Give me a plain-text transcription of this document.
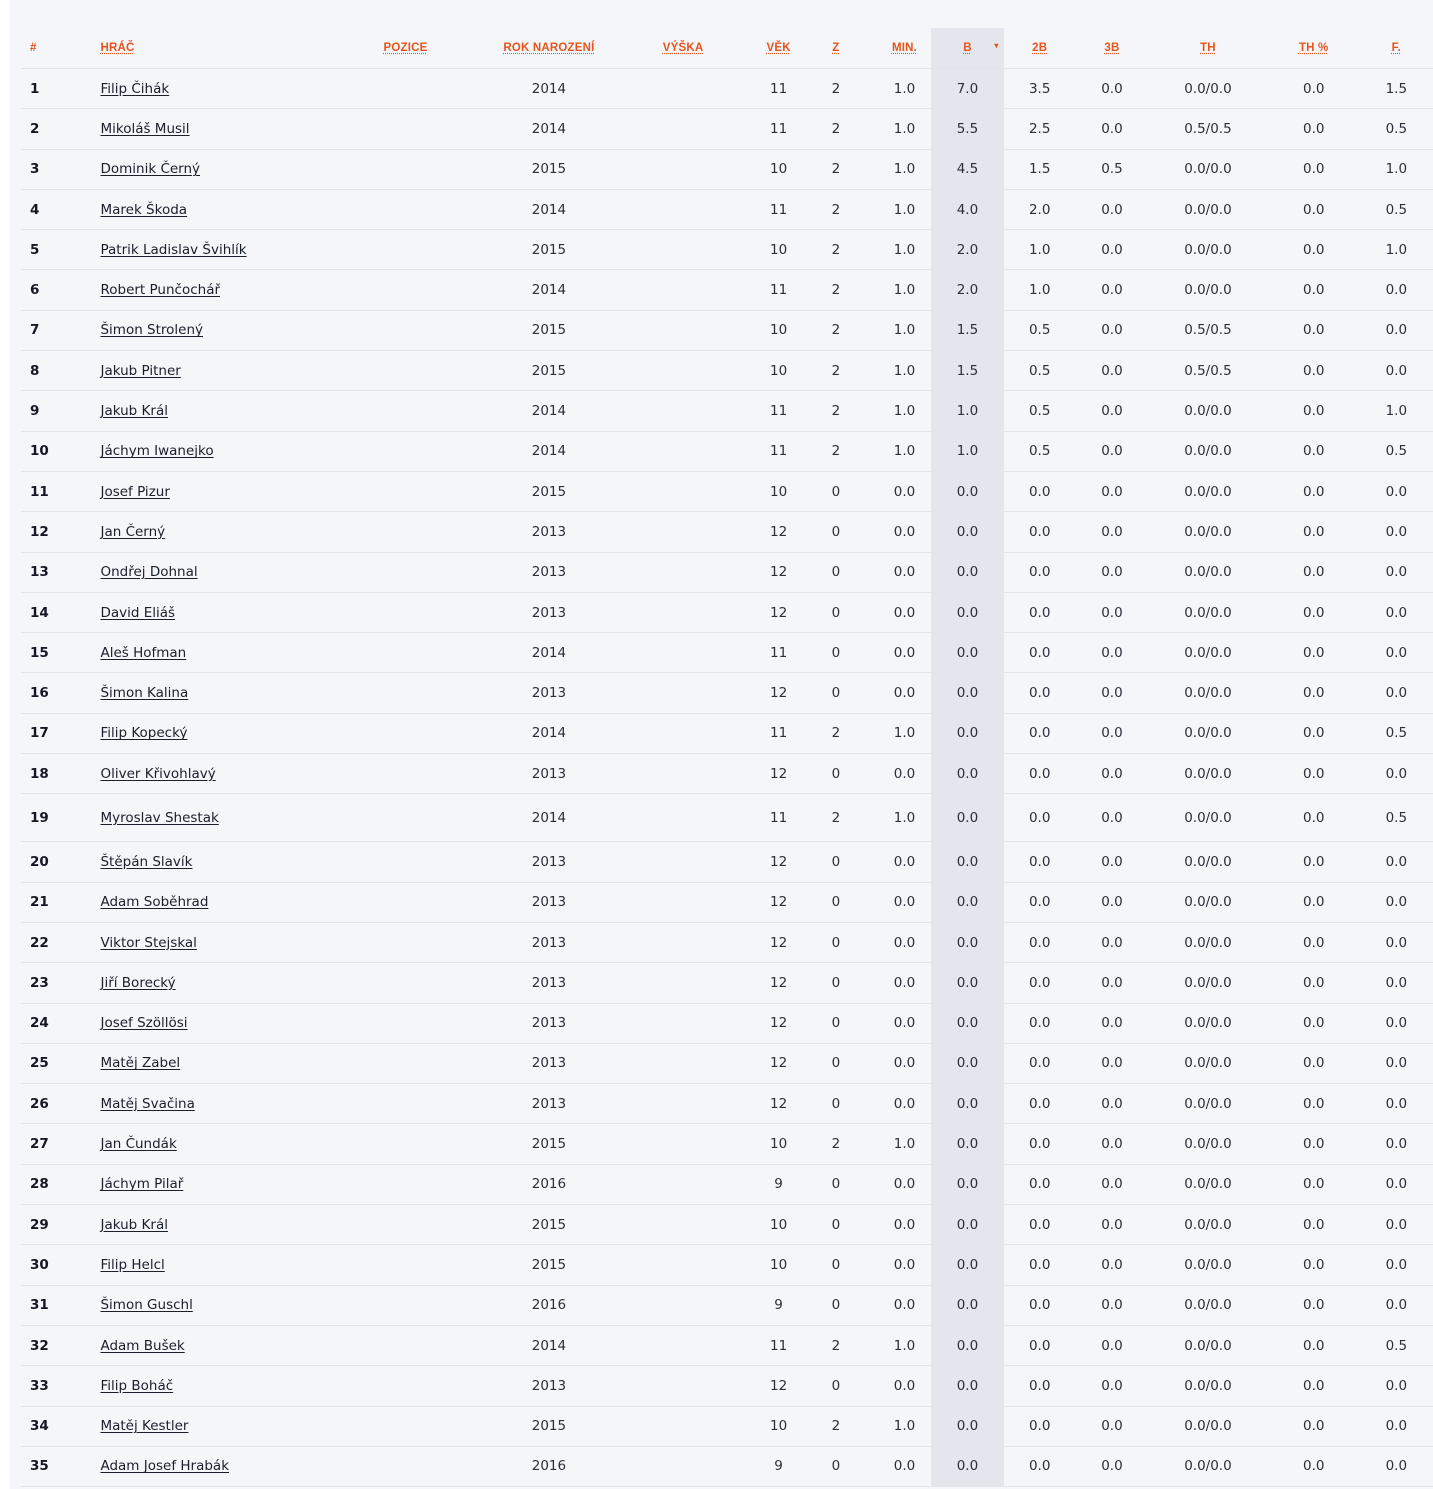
#	HRÁČ	POZICE	ROK NAROZENÍ	VÝŠKA	VĚK	Z	MIN.	B ▾	2B	3B	TH	TH %	F.
1	Filip Čihák		2014		11	2	1.0	7.0	3.5	0.0	0.0/0.0	0.0	1.5
2	Mikoláš Musil		2014		11	2	1.0	5.5	2.5	0.0	0.5/0.5	0.0	0.5
3	Dominik Černý		2015		10	2	1.0	4.5	1.5	0.5	0.0/0.0	0.0	1.0
4	Marek Škoda		2014		11	2	1.0	4.0	2.0	0.0	0.0/0.0	0.0	0.5
5	Patrik Ladislav Švihlík		2015		10	2	1.0	2.0	1.0	0.0	0.0/0.0	0.0	1.0
6	Robert Punčochář		2014		11	2	1.0	2.0	1.0	0.0	0.0/0.0	0.0	0.0
7	Šimon Strolený		2015		10	2	1.0	1.5	0.5	0.0	0.5/0.5	0.0	0.0
8	Jakub Pitner		2015		10	2	1.0	1.5	0.5	0.0	0.5/0.5	0.0	0.0
9	Jakub Král		2014		11	2	1.0	1.0	0.5	0.0	0.0/0.0	0.0	1.0
10	Jáchym Iwanejko		2014		11	2	1.0	1.0	0.5	0.0	0.0/0.0	0.0	0.5
11	Josef Pizur		2015		10	0	0.0	0.0	0.0	0.0	0.0/0.0	0.0	0.0
12	Jan Černý		2013		12	0	0.0	0.0	0.0	0.0	0.0/0.0	0.0	0.0
13	Ondřej Dohnal		2013		12	0	0.0	0.0	0.0	0.0	0.0/0.0	0.0	0.0
14	David Eliáš		2013		12	0	0.0	0.0	0.0	0.0	0.0/0.0	0.0	0.0
15	Aleš Hofman		2014		11	0	0.0	0.0	0.0	0.0	0.0/0.0	0.0	0.0
16	Šimon Kalina		2013		12	0	0.0	0.0	0.0	0.0	0.0/0.0	0.0	0.0
17	Filip Kopecký		2014		11	2	1.0	0.0	0.0	0.0	0.0/0.0	0.0	0.5
18	Oliver Křivohlavý		2013		12	0	0.0	0.0	0.0	0.0	0.0/0.0	0.0	0.0
19	Myroslav Shestak		2014		11	2	1.0	0.0	0.0	0.0	0.0/0.0	0.0	0.5
20	Štěpán Slavík		2013		12	0	0.0	0.0	0.0	0.0	0.0/0.0	0.0	0.0
21	Adam Soběhrad		2013		12	0	0.0	0.0	0.0	0.0	0.0/0.0	0.0	0.0
22	Viktor Stejskal		2013		12	0	0.0	0.0	0.0	0.0	0.0/0.0	0.0	0.0
23	Jiří Borecký		2013		12	0	0.0	0.0	0.0	0.0	0.0/0.0	0.0	0.0
24	Josef Szöllösi		2013		12	0	0.0	0.0	0.0	0.0	0.0/0.0	0.0	0.0
25	Matěj Zabel		2013		12	0	0.0	0.0	0.0	0.0	0.0/0.0	0.0	0.0
26	Matěj Svačina		2013		12	0	0.0	0.0	0.0	0.0	0.0/0.0	0.0	0.0
27	Jan Čundák		2015		10	2	1.0	0.0	0.0	0.0	0.0/0.0	0.0	0.0
28	Jáchym Pilař		2016		9	0	0.0	0.0	0.0	0.0	0.0/0.0	0.0	0.0
29	Jakub Král		2015		10	0	0.0	0.0	0.0	0.0	0.0/0.0	0.0	0.0
30	Filip Helcl		2015		10	0	0.0	0.0	0.0	0.0	0.0/0.0	0.0	0.0
31	Šimon Guschl		2016		9	0	0.0	0.0	0.0	0.0	0.0/0.0	0.0	0.0
32	Adam Bušek		2014		11	2	1.0	0.0	0.0	0.0	0.0/0.0	0.0	0.5
33	Filip Boháč		2013		12	0	0.0	0.0	0.0	0.0	0.0/0.0	0.0	0.0
34	Matěj Kestler		2015		10	2	1.0	0.0	0.0	0.0	0.0/0.0	0.0	0.0
35	Adam Josef Hrabák		2016		9	0	0.0	0.0	0.0	0.0	0.0/0.0	0.0	0.0
